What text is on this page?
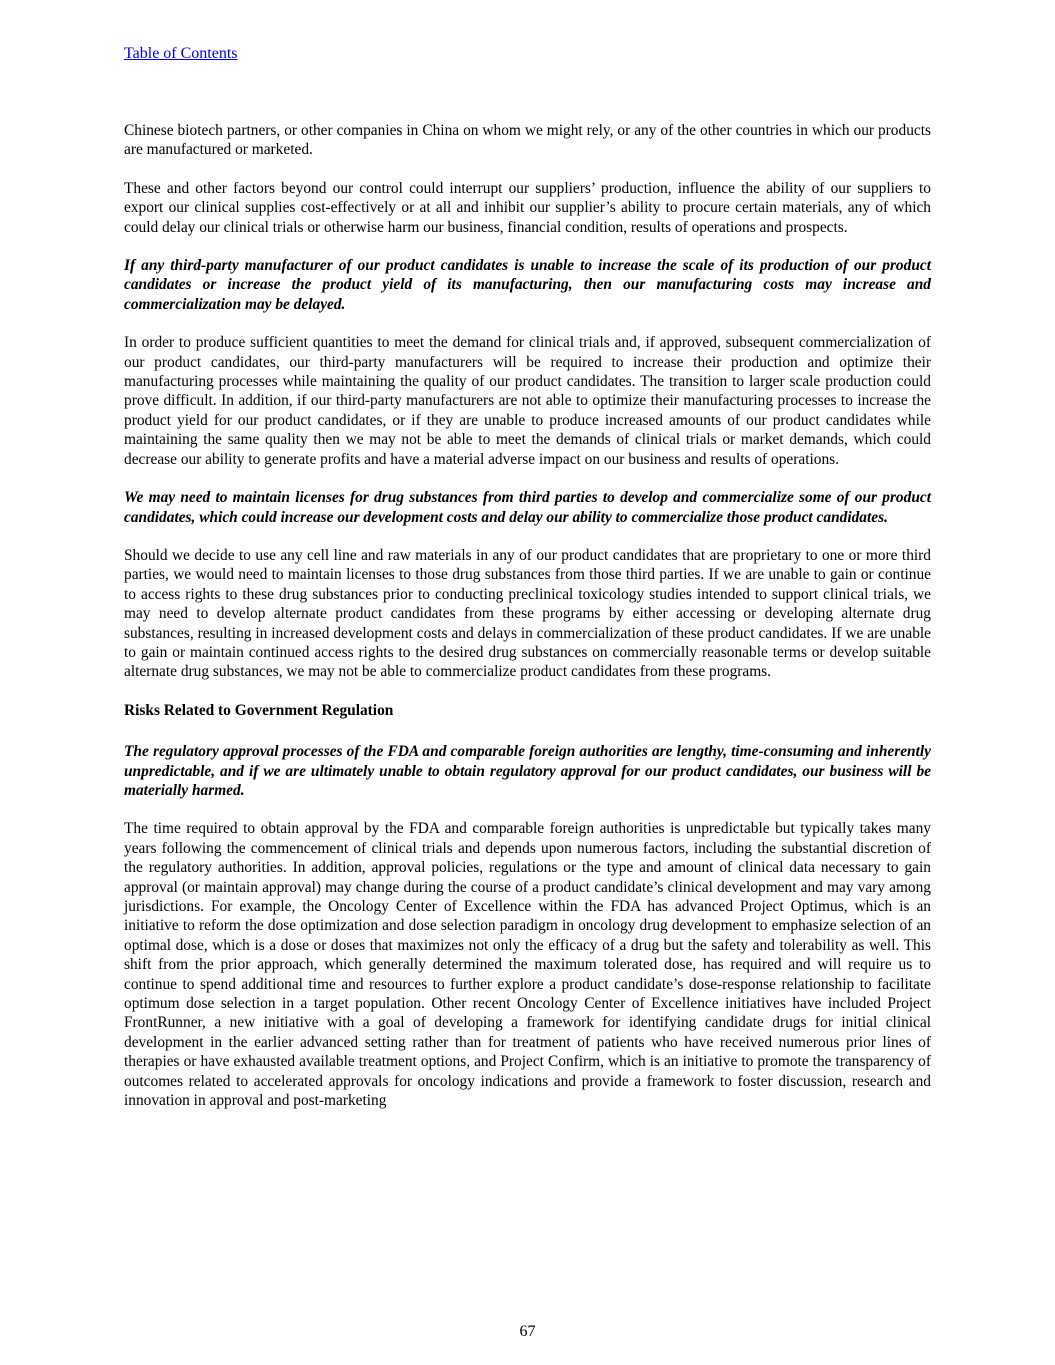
Table of Contents

Chinese biotech partners, or other companies in China on whom we might rely, or any of the other countries in which our products are manufactured or marketed.

These and other factors beyond our control could interrupt our suppliers’ production, influence the ability of our suppliers to export our clinical supplies cost-effectively or at all and inhibit our supplier’s ability to procure certain materials, any of which could delay our clinical trials or otherwise harm our business, financial condition, results of operations and prospects.

If any third-party manufacturer of our product candidates is unable to increase the scale of its production of our product candidates or increase the product yield of its manufacturing, then our manufacturing costs may increase and commercialization may be delayed.

In order to produce sufficient quantities to meet the demand for clinical trials and, if approved, subsequent commercialization of our product candidates, our third-party manufacturers will be required to increase their production and optimize their manufacturing processes while maintaining the quality of our product candidates. The transition to larger scale production could prove difficult. In addition, if our third-party manufacturers are not able to optimize their manufacturing processes to increase the product yield for our product candidates, or if they are unable to produce increased amounts of our product candidates while maintaining the same quality then we may not be able to meet the demands of clinical trials or market demands, which could decrease our ability to generate profits and have a material adverse impact on our business and results of operations.

We may need to maintain licenses for drug substances from third parties to develop and commercialize some of our product candidates, which could increase our development costs and delay our ability to commercialize those product candidates.

Should we decide to use any cell line and raw materials in any of our product candidates that are proprietary to one or more third parties, we would need to maintain licenses to those drug substances from those third parties. If we are unable to gain or continue to access rights to these drug substances prior to conducting preclinical toxicology studies intended to support clinical trials, we may need to develop alternate product candidates from these programs by either accessing or developing alternate drug substances, resulting in increased development costs and delays in commercialization of these product candidates. If we are unable to gain or maintain continued access rights to the desired drug substances on commercially reasonable terms or develop suitable alternate drug substances, we may not be able to commercialize product candidates from these programs.

Risks Related to Government Regulation

The regulatory approval processes of the FDA and comparable foreign authorities are lengthy, time-consuming and inherently unpredictable, and if we are ultimately unable to obtain regulatory approval for our product candidates, our business will be materially harmed.

The time required to obtain approval by the FDA and comparable foreign authorities is unpredictable but typically takes many years following the commencement of clinical trials and depends upon numerous factors, including the substantial discretion of the regulatory authorities. In addition, approval policies, regulations or the type and amount of clinical data necessary to gain approval (or maintain approval) may change during the course of a product candidate’s clinical development and may vary among jurisdictions. For example, the Oncology Center of Excellence within the FDA has advanced Project Optimus, which is an initiative to reform the dose optimization and dose selection paradigm in oncology drug development to emphasize selection of an optimal dose, which is a dose or doses that maximizes not only the efficacy of a drug but the safety and tolerability as well. This shift from the prior approach, which generally determined the maximum tolerated dose, has required and will require us to continue to spend additional time and resources to further explore a product candidate’s dose-response relationship to facilitate optimum dose selection in a target population. Other recent Oncology Center of Excellence initiatives have included Project FrontRunner, a new initiative with a goal of developing a framework for identifying candidate drugs for initial clinical development in the earlier advanced setting rather than for treatment of patients who have received numerous prior lines of therapies or have exhausted available treatment options, and Project Confirm, which is an initiative to promote the transparency of outcomes related to accelerated approvals for oncology indications and provide a framework to foster discussion, research and innovation in approval and post-marketing

67
